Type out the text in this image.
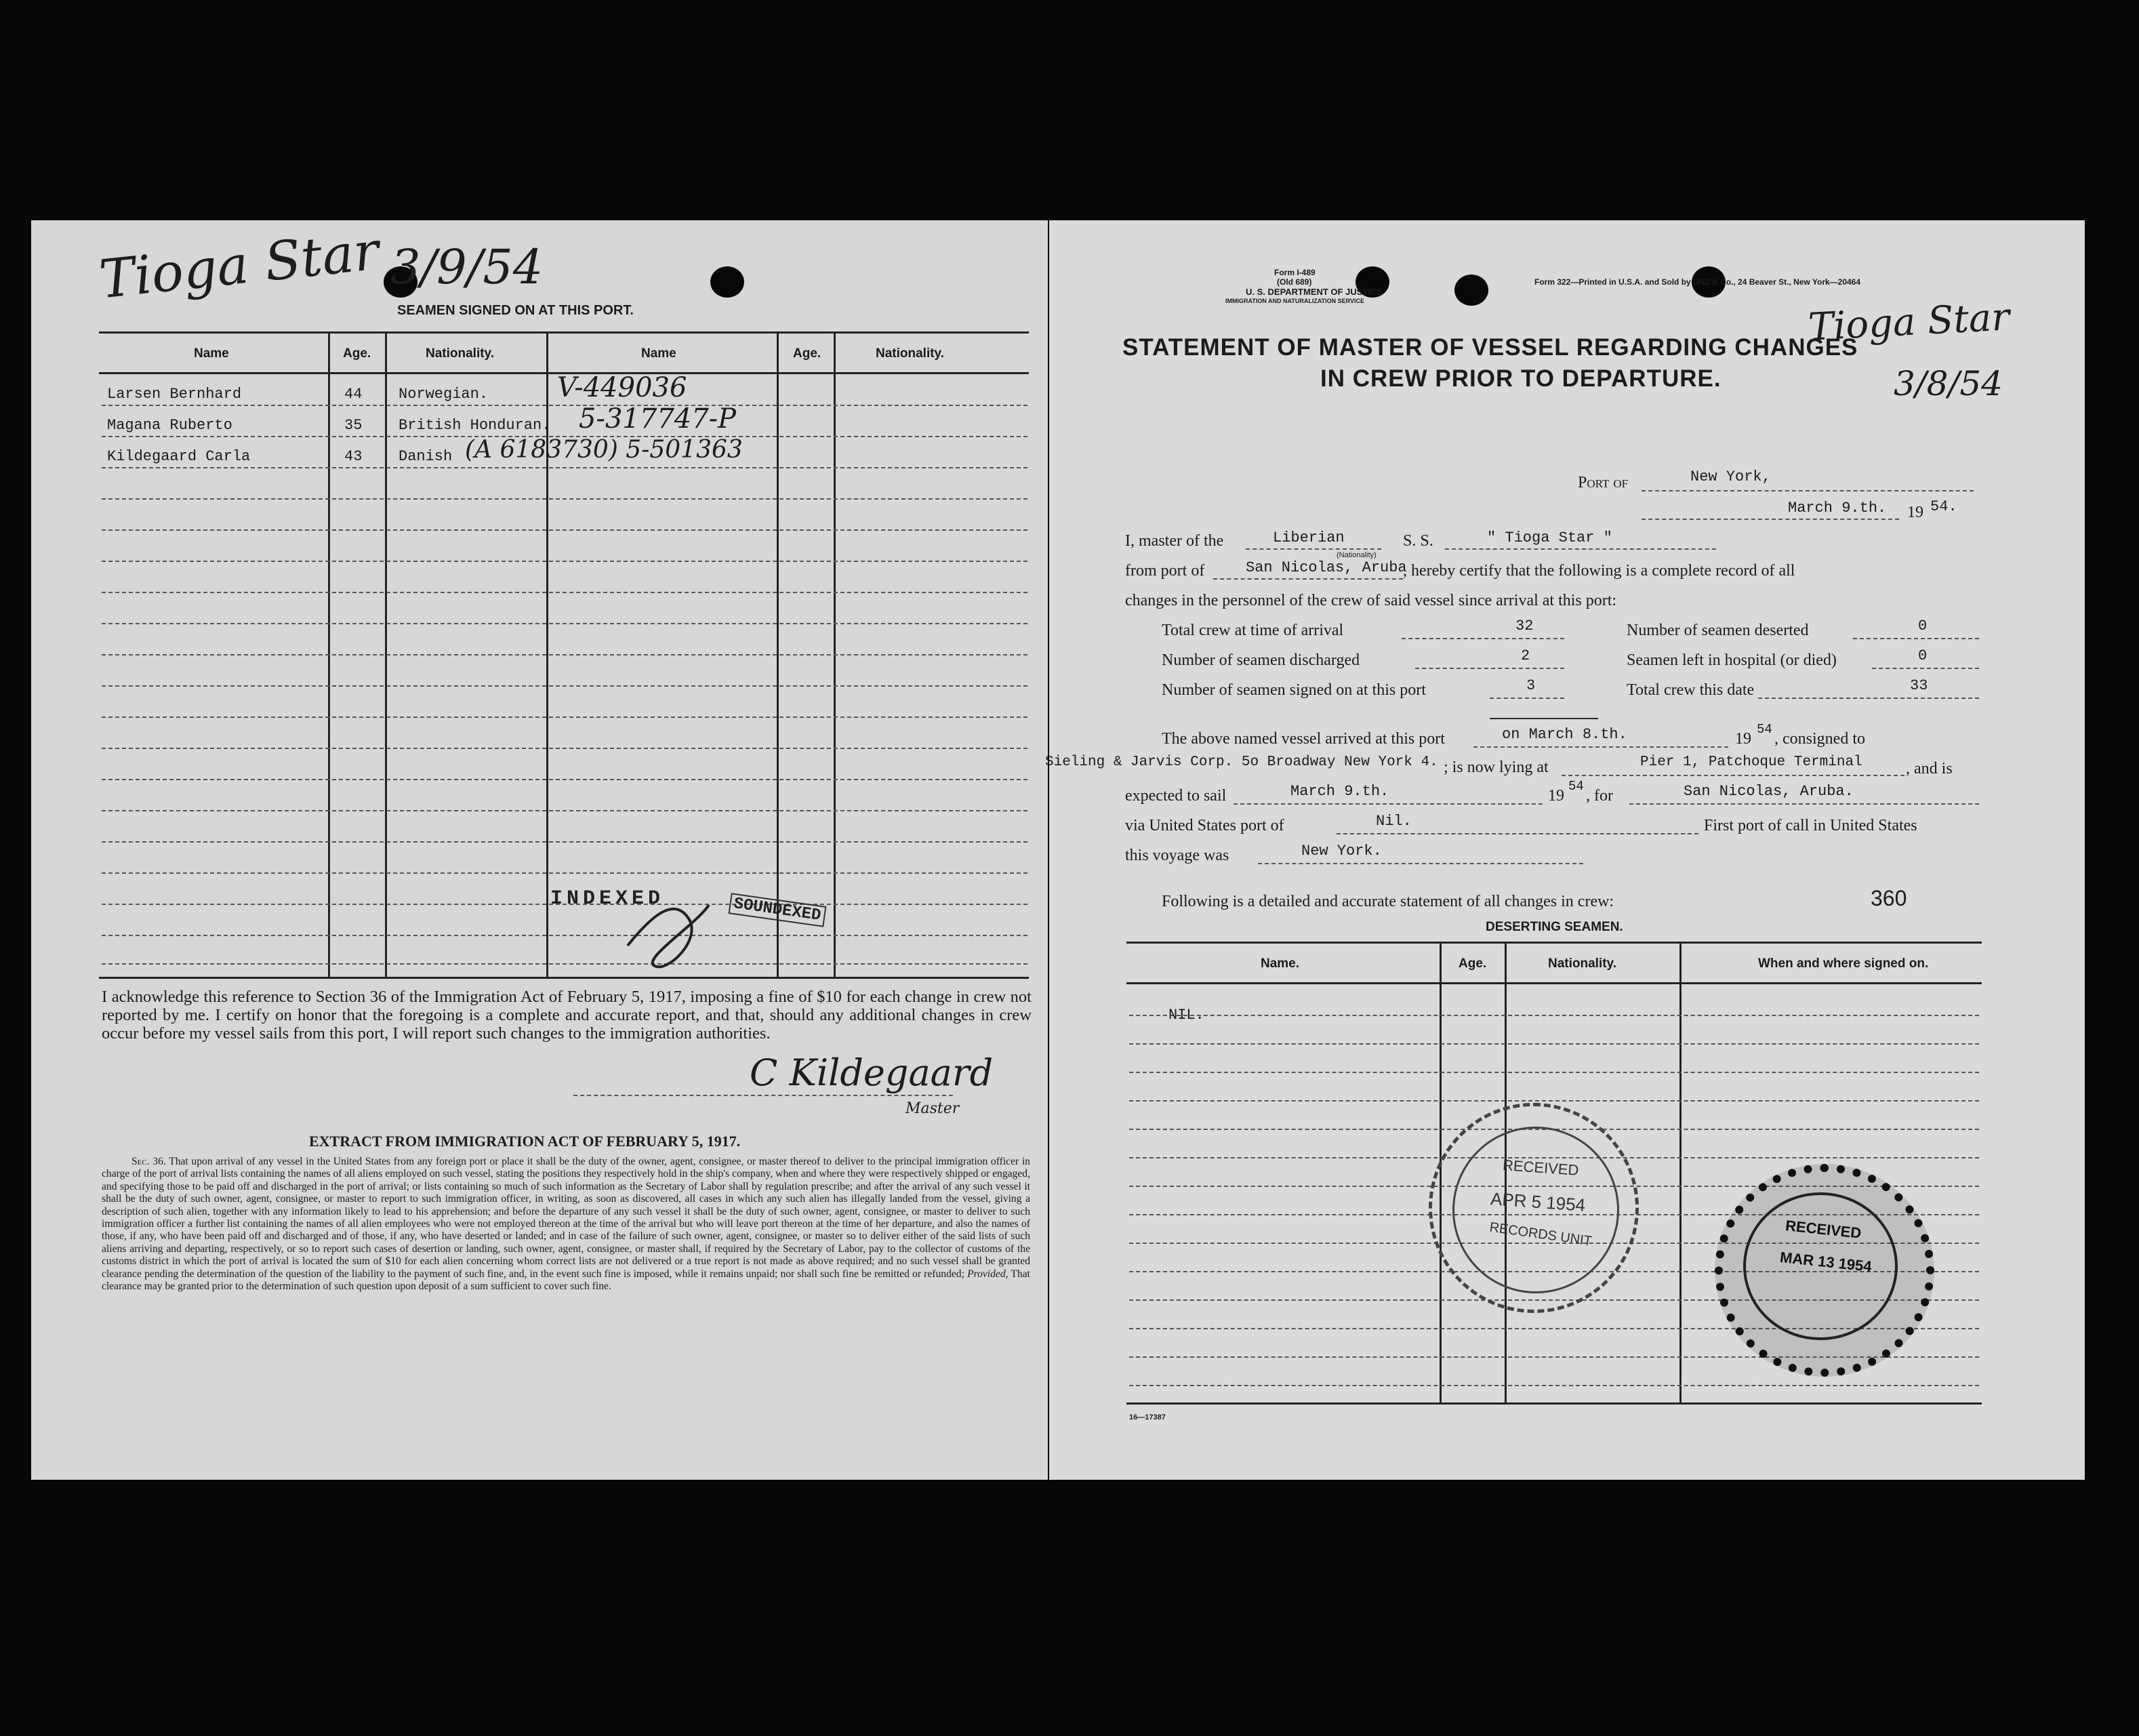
Tioga Star 3/9/54
SEAMEN SIGNED ON AT THIS PORT.
Name	Age.	Nationality.	Name	Age.	Nationality.
Larsen Bernhard	44 Norwegian.	V-449036
Magana Ruberto	35 British Honduran. 5-317747-P
Kildegaard Carla	43 Danish (A 6183730) 5-501363
INDEXED	SOUNDEXED
I acknowledge this reference to Section 36 of the Immigration Act of February 5, 1917, imposing a fine of $10 for each change in crew not reported by me. I certify on honor that the foregoing is a complete and accurate report, and that, should any additional changes in crew occur before my vessel sails from this port, I will report such changes to the immigration authorities.
C Kildegaard
Master
EXTRACT FROM IMMIGRATION ACT OF FEBRUARY 5, 1917.
Sec. 36. That upon arrival of any vessel in the United States from any foreign port or place it shall be the duty of the owner, agent, consignee, or master thereof to deliver to the principal immigration officer in charge of the port of arrival lists containing the names of all aliens employed on such vessel, stating the positions they respectively hold in the ship's company, when and where they were respectively shipped or engaged, and specifying those to be paid off and discharged in the port of arrival; or lists containing so much of such information as the Secretary of Labor shall by regulation prescribe; and after the arrival of any such vessel it shall be the duty of such owner, agent, consignee, or master to report to such immigration officer, in writing, as soon as discovered, all cases in which any such alien has illegally landed from the vessel, giving a description of such alien, together with any information likely to lead to his apprehension; and before the departure of any such vessel it shall be the duty of such owner, agent, consignee, or master to deliver to such immigration officer a further list containing the names of all alien employees who were not employed thereon at the time of the arrival but who will leave port thereon at the time of her departure, and also the names of those, if any, who have been paid off and discharged and of those, if any, who have deserted or landed; and in case of the failure of such owner, agent, consignee, or master so to deliver either of the said lists of such aliens arriving and departing, respectively, or so to report such cases of desertion or landing, such owner, agent, consignee, or master shall, if required by the Secretary of Labor, pay to the collector of customs of the customs district in which the port of arrival is located the sum of $10 for each alien concerning whom correct lists are not delivered or a true report is not made as above required; and no such vessel shall be granted clearance pending the determination of the question of the liability to the payment of such fine, and, in the event such fine is imposed, while it remains unpaid; nor shall such fine be remitted or refunded; Provided, That clearance may be granted prior to the determination of such question upon deposit of a sum sufficient to cover such fine.
Form I-489
(Old 689)
U. S. DEPARTMENT OF JUSTICE
IMMIGRATION AND NATURALIZATION SERVICE
Form 322—Printed in U.S.A. and Sold by UNZ & Co., 24 Beaver St., New York—20464
STATEMENT OF MASTER OF VESSEL REGARDING CHANGES
IN CREW PRIOR TO DEPARTURE.
Tioga Star
3/8/54
Port of	New York,
March 9.th. 19 54.
I, master of the	Liberian
(Nationality)
S. S.	" Tioga Star "
from port of	San Nicolas, Aruba
, hereby certify that the following is a complete record of all
changes in the personnel of the crew of said vessel since arrival at this port:
Total crew at time of arrival	32	Number of seamen deserted	0
Number of seamen discharged	2	Seamen left in hospital (or died)	0
Number of seamen signed on at this port	3	Total crew this date	33
The above named vessel arrived at this port	on March 8.th.	19
54
, consigned to
Sieling & Jarvis Corp. 5o Broadway New York 4. ; is now lying at	Pier 1, Patchoque Terminal	, and is
expected to sail	March 9.th.	19
54
, for	San Nicolas, Aruba.
via United States port of	Nil.	First port of call in United States
this voyage was	New York.
Following is a detailed and accurate statement of all changes in crew:	360
DESERTING SEAMEN.
Name.	Age.	Nationality.	When and where signed on.
NIL.
RECEIVED
APR 5 1954
RECORDS UNIT	RECEIVED
MAR 13 1954
16—17387
